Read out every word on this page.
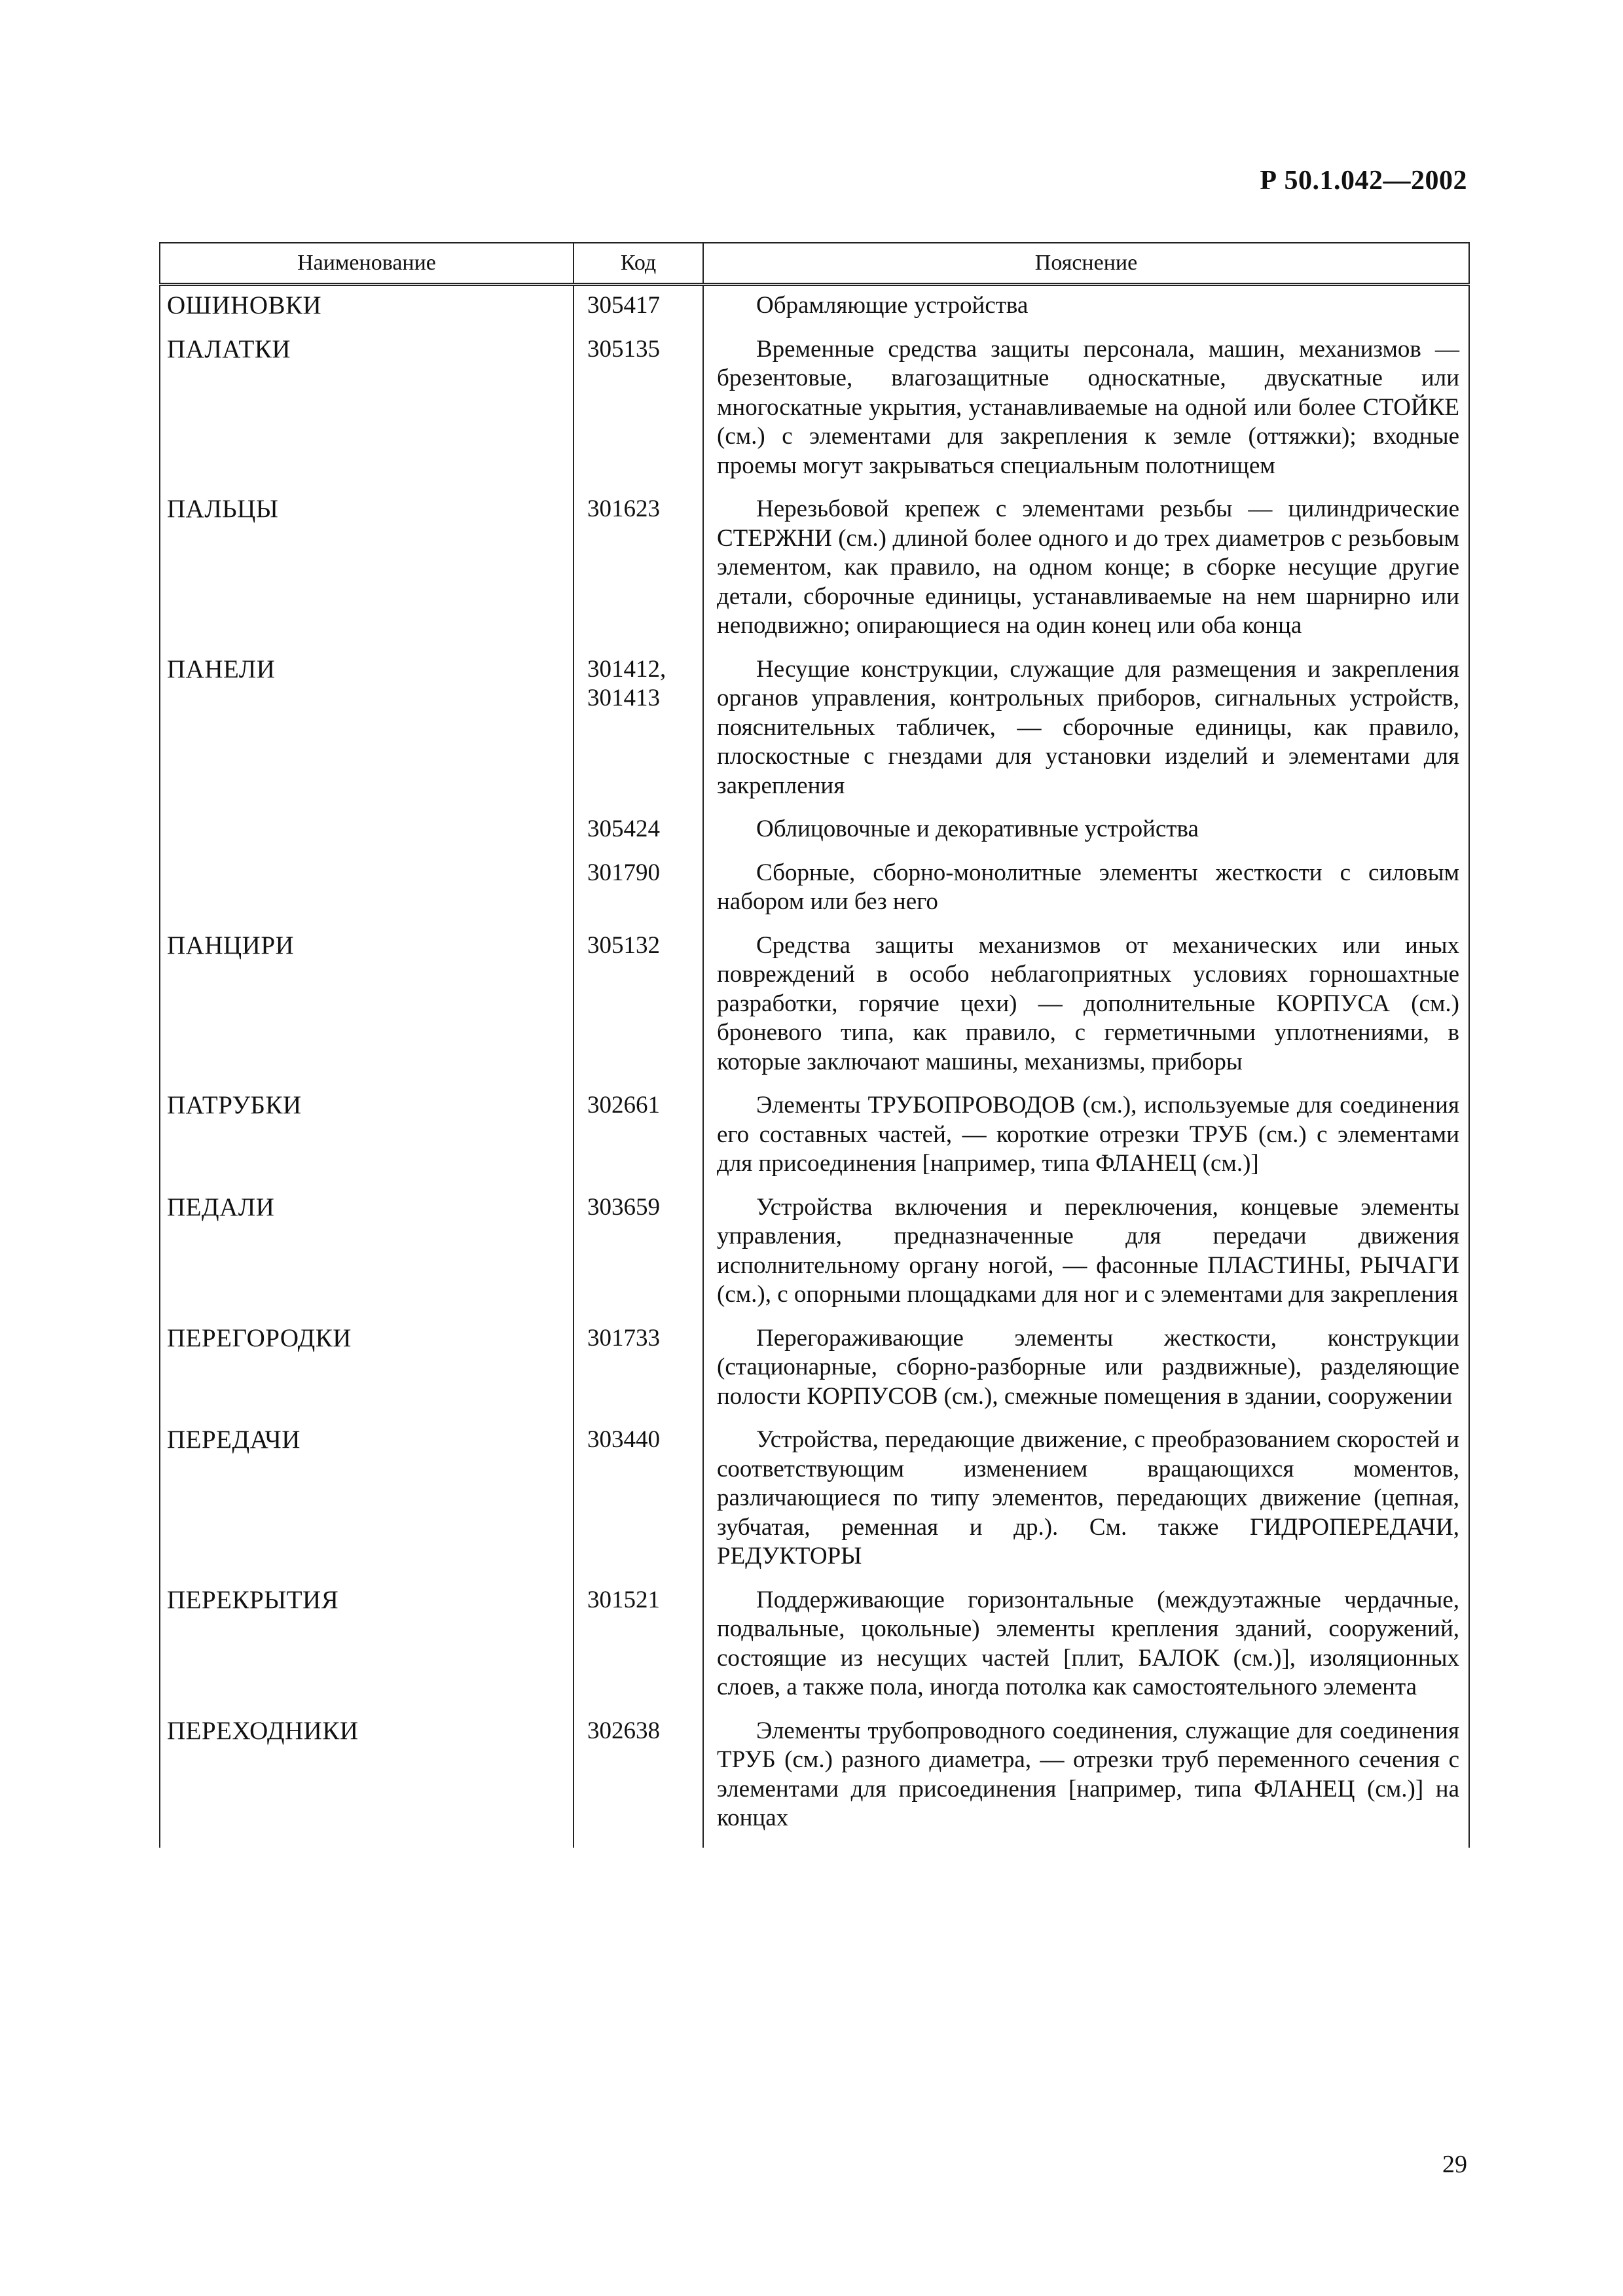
Р 50.1.042—2002
Наименование	Код	Пояснение
ОШИНОВКИ	305417	Обрамляющие устройства

ПАЛАТКИ	305135	Временные средства защиты персонала, машин, механизмов — брезентовые, влагозащитные односкатные, двускатные или многоскатные укрытия, устанавливаемые на одной или более СТОЙКЕ (см.) с элементами для закрепления к земле (оттяжки); входные проемы могут закрываться специальным полотнищем

ПАЛЬЦЫ	301623	Нерезьбовой крепеж с элементами резьбы — цилиндрические СТЕРЖНИ (см.) длиной более одного и до трех диаметров с резьбовым элементом, как правило, на одном конце; в сборке несущие другие детали, сборочные единицы, устанавливаемые на нем шарнирно или неподвижно; опирающиеся на один конец или оба конца

ПАНЕЛИ	301412, 301413	Несущие конструкции, служащие для размещения и закрепления органов управления, контрольных приборов, сигнальных устройств, пояснительных табличек, — сборочные единицы, как правило, плоскостные с гнездами для установки изделий и элементами для закрепления

	305424	Облицовочные и декоративные устройства

	301790	Сборные, сборно-монолитные элементы жесткости с силовым набором или без него

ПАНЦИРИ	305132	Средства защиты механизмов от механических или иных повреждений в особо неблагоприятных условиях горношахтные разработки, горячие цехи) — дополнительные КОРПУСА (см.) броневого типа, как правило, с герметичными уплотнениями, в которые заключают машины, механизмы, приборы

ПАТРУБКИ	302661	Элементы ТРУБОПРОВОДОВ (см.), используемые для соединения его составных частей, — короткие отрезки ТРУБ (см.) с элементами для присоединения [например, типа ФЛАНЕЦ (см.)]

ПЕДАЛИ	303659	Устройства включения и переключения, концевые элементы управления, предназначенные для передачи движения исполнительному органу ногой, — фасонные ПЛАСТИНЫ, РЫЧАГИ (см.), с опорными площадками для ног и с элементами для закрепления

ПЕРЕГОРОДКИ	301733	Перегораживающие элементы жесткости, конструкции (стационарные, сборно-разборные или раздвижные), разделяющие полости КОРПУСОВ (см.), смежные помещения в здании, сооружении

ПЕРЕДАЧИ	303440	Устройства, передающие движение, с преобразованием скоростей и соответствующим изменением вращающихся моментов, различающиеся по типу элементов, передающих движение (цепная, зубчатая, ременная и др.). См. также ГИДРОПЕРЕДАЧИ, РЕДУКТОРЫ

ПЕРЕКРЫТИЯ	301521	Поддерживающие горизонтальные (междуэтажные чердачные, подвальные, цокольные) элементы крепления зданий, сооружений, состоящие из несущих частей [плит, БАЛОК (см.)], изоляционных слоев, а также пола, иногда потолка как самостоятельного элемента

ПЕРЕХОДНИКИ	302638	Элементы трубопроводного соединения, служащие для соединения ТРУБ (см.) разного диаметра, — отрезки труб переменного сечения с элементами для присоединения [например, типа ФЛАНЕЦ (см.)] на концах
29
